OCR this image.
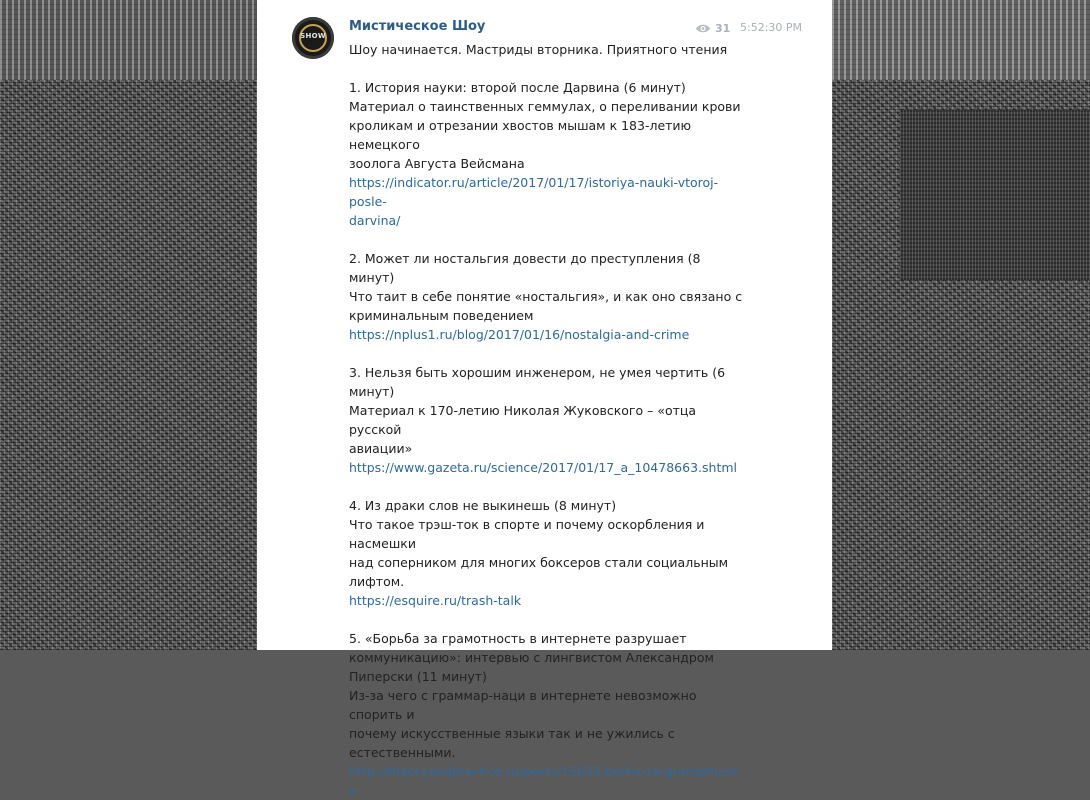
SHOW
Мистическое Шоу	31 5:52:30 PM

Шоу начинается. Мастриды вторника. Приятного чтения

1. История науки: второй после Дарвина (6 минут)

Материал о таинственных геммулах, о переливании крови

кроликам и отрезании хвостов мышам к 183-летию немецкого

зоолога Августа Вейсмана

https://indicator.ru/article/2017/01/17/istoriya-nauki-vtoroj-posle-

darvina/

2. Может ли ностальгия довести до преступления (8 минут)

Что таит в себе понятие «ностальгия», и как оно связано с

криминальным поведением

https://nplus1.ru/blog/2017/01/16/nostalgia-and-crime

3. Нельзя быть хорошим инженером, не умея чертить (6 минут)

Материал к 170-летию Николая Жуковского – «отца русской

авиации»

https://www.gazeta.ru/science/2017/01/17_a_10478663.shtml

4. Из драки слов не выкинешь (8 минут)

Что такое трэш-ток в спорте и почему оскорбления и насмешки

над соперником для многих боксеров стали социальным

лифтом.

https://esquire.ru/trash-talk

5. «Борьба за грамотность в интернете разрушает

коммуникацию»: интервью с лингвистом Александром

Пиперски (11 минут)

Из-за чего с граммар-наци в интернете невозможно спорить и

почему искусственные языки так и не ужились с

естественными.

http://theoryandpractice.ru/posts/15655-borba-za-gramotnost-v-
